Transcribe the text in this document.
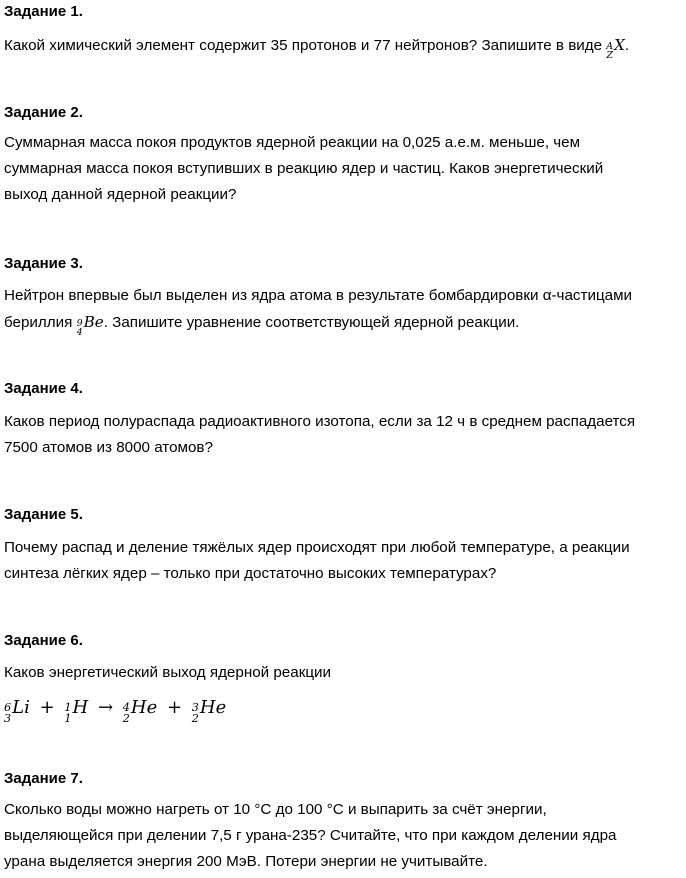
Задание 1.
Какой химический элемент содержит 35 протонов и 77 нейтронов? Запишите в виде A
Z
X .
Задание 2.
Суммарная масса покоя продуктов ядерной реакции на 0,025 а.е.м. меньше, чем
суммарная масса покоя вступивших в реакцию ядер и частиц. Каков энергетический
выход данной ядерной реакции?
Задание 3.
Нейтрон впервые был выделен из ядра атома в результате бомбардировки α-частицами
бериллия 9
4
Be . Запишите уравнение соответствующей ядерной реакции.
Задание 4.
Каков период полураспада радиоактивного изотопа, если за 12 ч в среднем распадается
7500 атомов из 8000 атомов?
Задание 5.
Почему распад и деление тяжёлых ядер происходят при любой температуре, а реакции
синтеза лёгких ядер – только при достаточно высоких температурах?
Задание 6.
Каков энергетический выход ядерной реакции
6
3
Li + 1
1
H → 4
2
He + 3
2
He
Задание 7.
Сколько воды можно нагреть от 10 °С до 100 °С и выпарить за счёт энергии,
выделяющейся при делении 7,5 г урана-235? Считайте, что при каждом делении ядра
урана выделяется энергия 200 МэВ. Потери энергии не учитывайте.
